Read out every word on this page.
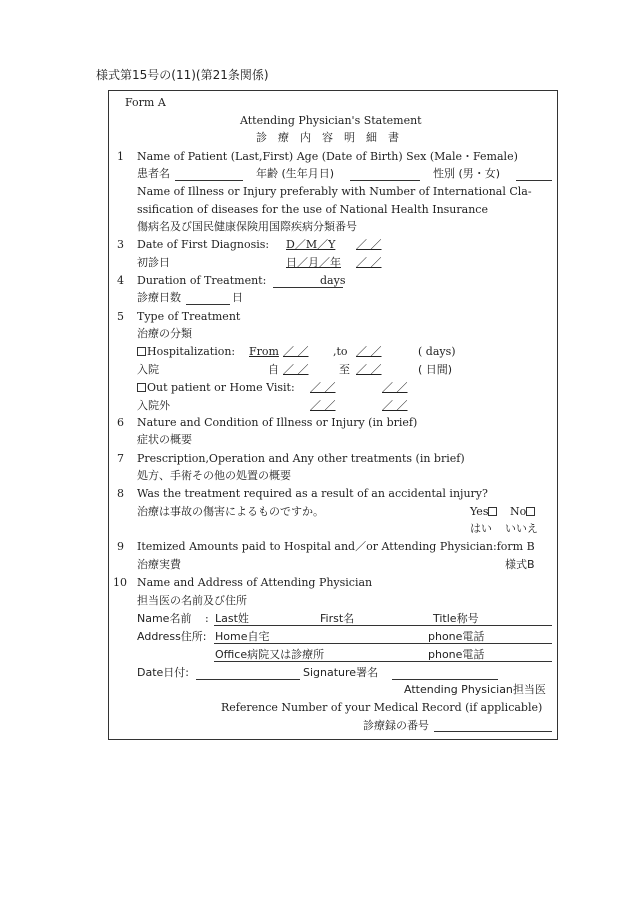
様式第15号の(11)(第21条関係)
Form A
Attending Physician's Statement
診療内容明細書
1 Name of Patient (Last,First) Age (Date of Birth) Sex (Male・Female)
患者名	年齢 (生年月日)	性別 (男・女)
Name of Illness or Injury preferably with Number of International Cla-
ssification of diseases for the use of National Health Insurance
傷病名及び国民健康保険用国際疾病分類番号
3 Date of First Diagnosis: D／M／Y ／ ／
初診日	日／月／年 ／ ／
4 Duration of Treatment:	days
診療日数	日
5 Type of Treatment
治療の分類
Hospitalization: From ／ ／ ,to ／ ／	( days)
入院	自 ／ ／	至 ／ ／	( 日間)
Out patient or Home Visit: ／ ／	／ ／
入院外	／ ／	／ ／
6 Nature and Condition of Illness or Injury (in brief)
症状の概要
7 Prescription,Operation and Any other treatments (in brief)
処方、手術その他の処置の概要
8 Was the treatment required as a result of an accidental injury?
治療は事故の傷害によるものですか。	Yes	No
はい いいえ
9 Itemized Amounts paid to Hospital and／or Attending Physician:form B
治療実費	様式B
10 Name and Address of Attending Physician
担当医の名前及び住所
Name名前 : Last姓	First名	Title称号
Address住所: Home自宅	phone電話
Office病院又は診療所	phone電話
Date日付:	Signature署名
Attending Physician担当医
Reference Number of your Medical Record (if applicable)
診療録の番号
